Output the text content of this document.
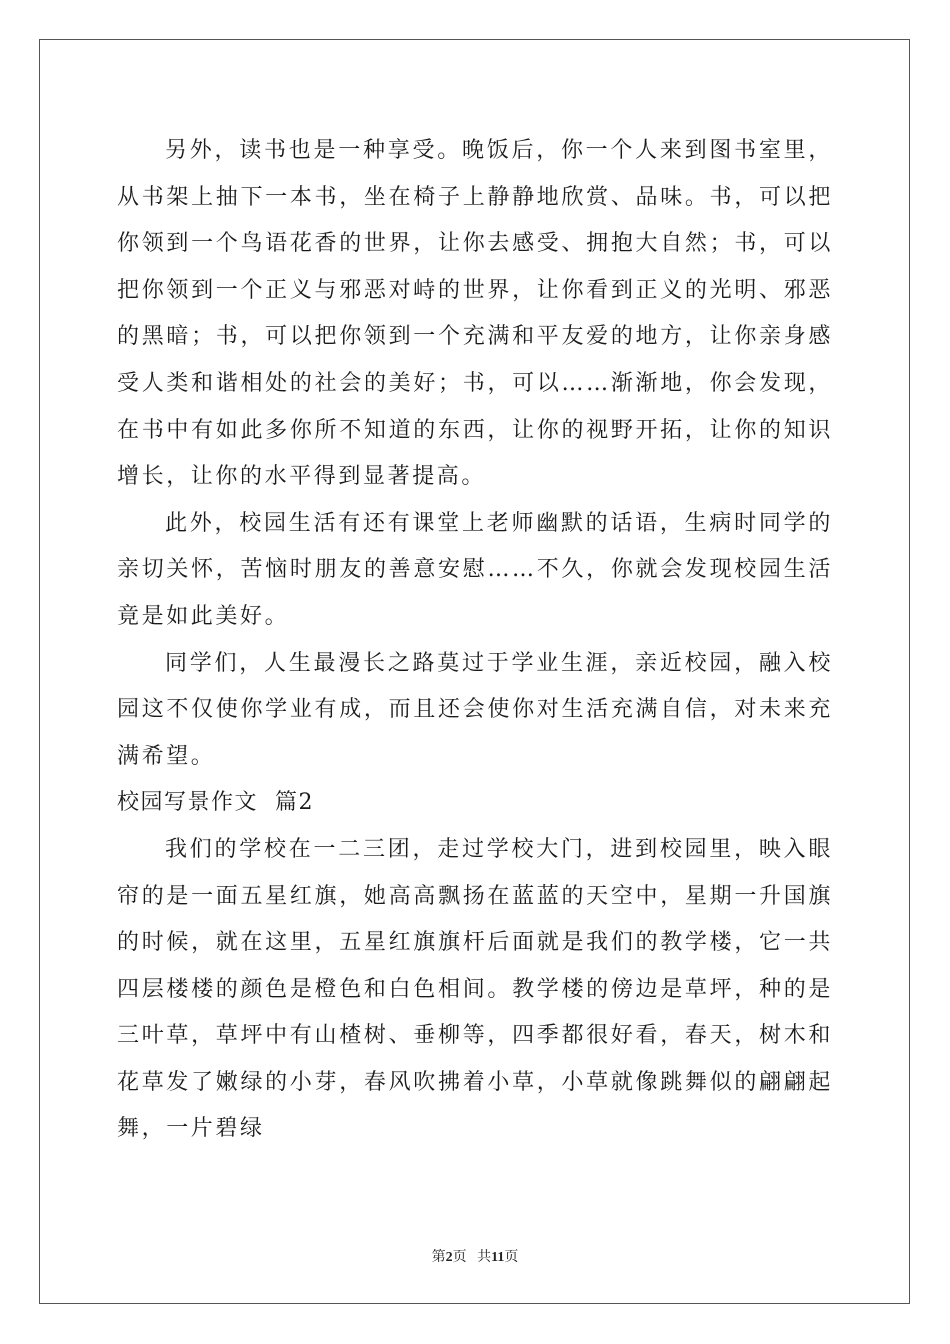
另外，读书也是一种享受。晚饭后，你一个人来到图书室里，从书架上抽下一本书，坐在椅子上静静地欣赏、品味。书，可以把你领到一个鸟语花香的世界，让你去感受、拥抱大自然；书，可以把你领到一个正义与邪恶对峙的世界，让你看到正义的光明、邪恶的黑暗；书，可以把你领到一个充满和平友爱的地方，让你亲身感受人类和谐相处的社会的美好；书，可以……渐渐地，你会发现，在书中有如此多你所不知道的东西，让你的视野开拓，让你的知识增长，让你的水平得到显著提高。

此外，校园生活有还有课堂上老师幽默的话语，生病时同学的亲切关怀，苦恼时朋友的善意安慰……不久，你就会发现校园生活竟是如此美好。

同学们，人生最漫长之路莫过于学业生涯，亲近校园，融入校园这不仅使你学业有成，而且还会使你对生活充满自信，对未来充满希望。

校园写景作文  篇2

我们的学校在一二三团，走过学校大门，进到校园里，映入眼帘的是一面五星红旗，她高高飘扬在蓝蓝的天空中，星期一升国旗的时候，就在这里，五星红旗旗杆后面就是我们的教学楼，它一共四层楼楼的颜色是橙色和白色相间。教学楼的傍边是草坪，种的是三叶草，草坪中有山楂树、垂柳等，四季都很好看，春天，树木和花草发了嫩绿的小芽，春风吹拂着小草，小草就像跳舞似的翩翩起舞，一片碧绿

第2页 共11页
